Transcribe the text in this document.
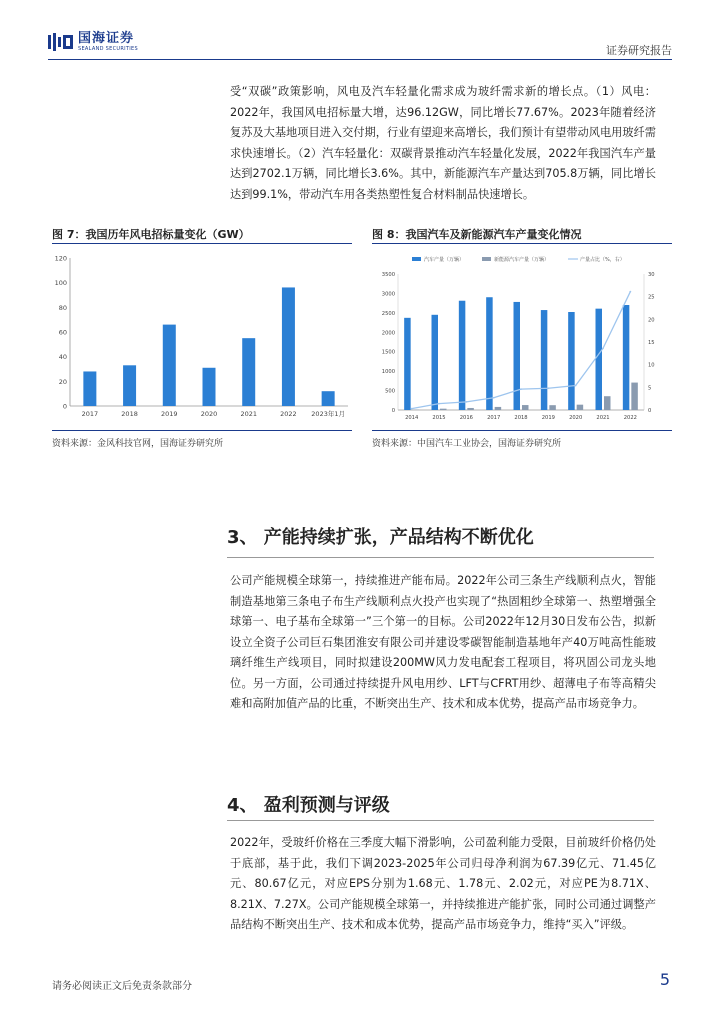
国海证券
SEALAND SECURITIES	证券研究报告
受“双碳”政策影响，风电及汽车轻量化需求成为玻纤需求新的增长点。（1）风电：2022年，我国风电招标量大增，达96.12GW，同比增长77.67%。2023年随着经济复苏及大基地项目进入交付期，行业有望迎来高增长，我们预计有望带动风电用玻纤需求快速增长。（2）汽车轻量化：双碳背景推动汽车轻量化发展，2022年我国汽车产量达到2702.1万辆，同比增长3.6%。其中，新能源汽车产量达到705.8万辆，同比增长达到99.1%，带动汽车用各类热塑性复合材料制品快速增长。
图 7：我国历年风电招标量变化（GW）
0
20
40
60
80
100
120
2017	2018	2019	2020	2021	2022 2023年1月
资料来源：金风科技官网，国海证券研究所
图 8：我国汽车及新能源汽车产量变化情况
汽车产量（万辆）	新能源汽车产量（万辆）	产量占比（%，右）
0
500
1000
1500
2000
2500
3000
3500
0
5
10
15
20
25
30
2014	2015	2016	2017	2018	2019	2020	2021	2022
资料来源：中国汽车工业协会，国海证券研究所
3、 产能持续扩张，产品结构不断优化
公司产能规模全球第一，持续推进产能布局。2022年公司三条生产线顺利点火，智能制造基地第三条电子布生产线顺利点火投产也实现了“热固粗纱全球第一、热塑增强全球第一、电子基布全球第一”三个第一的目标。公司2022年12月30日发布公告，拟新设立全资子公司巨石集团淮安有限公司并建设零碳智能制造基地年产40万吨高性能玻璃纤维生产线项目，同时拟建设200MW风力发电配套工程项目，将巩固公司龙头地位。另一方面，公司通过持续提升风电用纱、LFT与CFRT用纱、超薄电子布等高精尖难和高附加值产品的比重，不断突出生产、技术和成本优势，提高产品市场竞争力。
4、 盈利预测与评级
2022年，受玻纤价格在三季度大幅下滑影响，公司盈利能力受限，目前玻纤价格仍处于底部，基于此，我们下调2023-2025年公司归母净利润为67.39亿元、71.45亿元、80.67亿元，对应EPS分别为1.68元、1.78元、2.02元，对应PE为8.71X、8.21X、7.27X。公司产能规模全球第一，并持续推进产能扩张，同时公司通过调整产品结构不断突出生产、技术和成本优势，提高产品市场竞争力，维持“买入”评级。
请务必阅读正文后免责条款部分	5
